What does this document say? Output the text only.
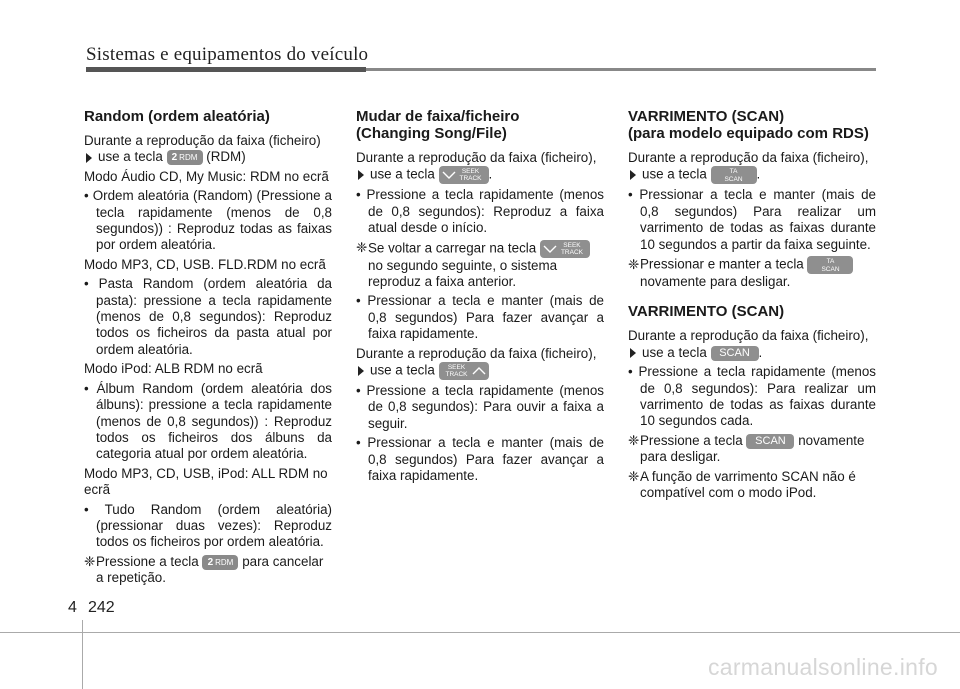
Sistemas e equipamentos do veículo
Random (ordem aleatória)

Durante a reprodução da faixa (ficheiro)
use a tecla 2 RDM (RDM)

Modo Áudio CD, My Music: RDM no ecrã

• Ordem aleatória (Random) (Pressione a tecla rapidamente (menos de 0,8 segundos)) : Reproduz todas as faixas por ordem aleatória.

Modo MP3, CD, USB. FLD.RDM no ecrã

• Pasta Random (ordem aleatória da pasta): pressione a tecla rapidamente (menos de 0,8 segundos): Reproduz todos os ficheiros da pasta atual por ordem aleatória.

Modo iPod: ALB RDM no ecrã

• Álbum Random (ordem aleatória dos álbuns): pressione a tecla rapidamente (menos de 0,8 segundos)) : Reproduz todos os ficheiros dos álbuns da categoria atual por ordem aleatória.

Modo MP3, CD, USB, iPod: ALL RDM no ecrã

• Tudo Random (ordem aleatória) (pressionar duas vezes): Reproduz todos os ficheiros por ordem aleatória.

❈Pressione a tecla 2 RDM para cancelar a repetição.

Mudar de faixa/ficheiro
(Changing Song/File)

Durante a reprodução da faixa (ficheiro),
use a tecla	SEEK
TRACK .

• Pressione a tecla rapidamente (menos de 0,8 segundos): Reproduz a faixa atual desde o início.

❈Se voltar a carregar na tecla	SEEK
TRACK
no segundo seguinte, o sistema reproduz a faixa anterior.

• Pressionar a tecla e manter (mais de 0,8 segundos) Para fazer avançar a faixa rapidamente.

Durante a reprodução da faixa (ficheiro),
use a tecla	SEEK
TRACK

• Pressione a tecla rapidamente (menos de 0,8 segundos): Para ouvir a faixa a seguir.

• Pressionar a tecla e manter (mais de 0,8 segundos) Para fazer avançar a faixa rapidamente.

VARRIMENTO (SCAN)
(para modelo equipado com RDS)

Durante a reprodução da faixa (ficheiro),
use a tecla	TA
SCAN	.

• Pressionar a tecla e manter (mais de 0,8 segundos) Para realizar um varrimento de todas as faixas durante 10 segundos a partir da faixa seguinte.

❈Pressionar e manter a tecla	TA
SCAN
novamente para desligar.

VARRIMENTO (SCAN)

Durante a reprodução da faixa (ficheiro),
use a tecla SCAN .

• Pressione a tecla rapidamente (menos de 0,8 segundos): Para realizar um varrimento de todas as faixas durante 10 segundos cada.

❈Pressione a tecla SCAN novamente para desligar.

❈A função de varrimento SCAN não é compatível com o modo iPod.

4 242
carmanualsonline.info
